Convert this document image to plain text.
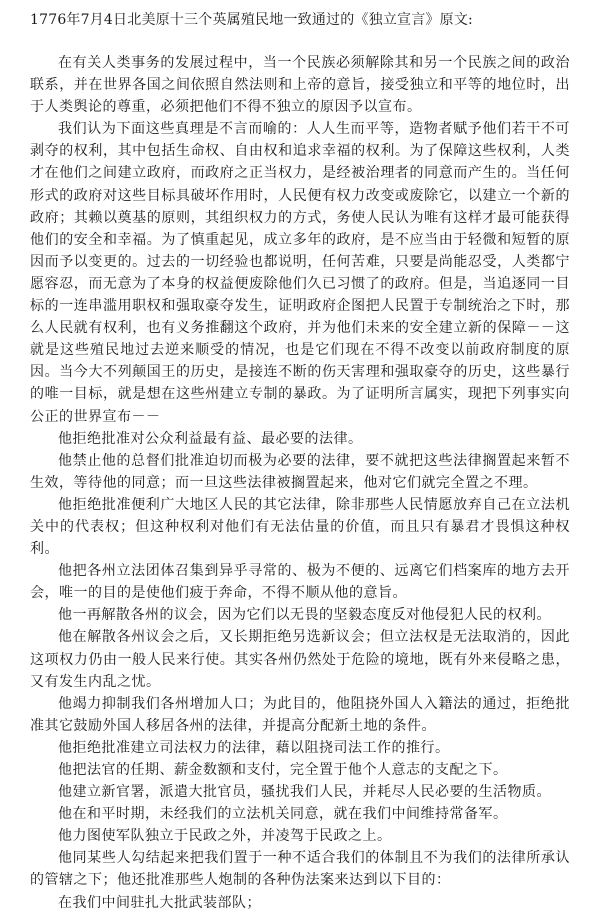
1776年7月4日北美原十三个英属殖民地一致通过的《独立宣言》原文:

在有关人类事务的发展过程中，当一个民族必须解除其和另一个民族之间的政治联系，并在世界各国之间依照自然法则和上帝的意旨，接受独立和平等的地位时，出于人类舆论的尊重，必须把他们不得不独立的原因予以宣布。

我们认为下面这些真理是不言而喻的：人人生而平等，造物者赋予他们若干不可剥夺的权利，其中包括生命权、自由权和追求幸福的权利。为了保障这些权利，人类才在他们之间建立政府，而政府之正当权力，是经被治理者的同意而产生的。当任何形式的政府对这些目标具破坏作用时，人民便有权力改变或废除它，以建立一个新的政府；其赖以奠基的原则，其组织权力的方式，务使人民认为唯有这样才最可能获得他们的安全和幸福。为了慎重起见，成立多年的政府，是不应当由于轻微和短暂的原因而予以变更的。过去的一切经验也都说明，任何苦难，只要是尚能忍受，人类都宁愿容忍，而无意为了本身的权益便废除他们久已习惯了的政府。但是，当追逐同一目标的一连串滥用职权和强取豪夺发生，证明政府企图把人民置于专制统治之下时，那么人民就有权利，也有义务推翻这个政府，并为他们未来的安全建立新的保障－－这就是这些殖民地过去逆来顺受的情况，也是它们现在不得不改变以前政府制度的原因。当今大不列颠国王的历史，是接连不断的伤天害理和强取豪夺的历史，这些暴行的唯一目标，就是想在这些州建立专制的暴政。为了证明所言属实，现把下列事实向公正的世界宣布－－

他拒绝批准对公众利益最有益、最必要的法律。

他禁止他的总督们批准迫切而极为必要的法律，要不就把这些法律搁置起来暂不生效，等待他的同意；而一旦这些法律被搁置起来，他对它们就完全置之不理。

他拒绝批准便利广大地区人民的其它法律，除非那些人民情愿放弃自己在立法机关中的代表权；但这种权利对他们有无法估量的价值，而且只有暴君才畏惧这种权利。

他把各州立法团体召集到异乎寻常的、极为不便的、远离它们档案库的地方去开会，唯一的目的是使他们疲于奔命，不得不顺从他的意旨。

他一再解散各州的议会，因为它们以无畏的坚毅态度反对他侵犯人民的权利。

他在解散各州议会之后，又长期拒绝另选新议会；但立法权是无法取消的，因此这项权力仍由一般人民来行使。其实各州仍然处于危险的境地，既有外来侵略之患，又有发生内乱之忧。

他竭力抑制我们各州增加人口；为此目的，他阻挠外国人入籍法的通过，拒绝批准其它鼓励外国人移居各州的法律，并提高分配新土地的条件。

他拒绝批准建立司法权力的法律，藉以阻挠司法工作的推行。

他把法官的任期、薪金数额和支付，完全置于他个人意志的支配之下。

他建立新官署，派遣大批官员，骚扰我们人民，并耗尽人民必要的生活物质。

他在和平时期，未经我们的立法机关同意，就在我们中间维持常备军。

他力图使军队独立于民政之外，并凌驾于民政之上。

他同某些人勾结起来把我们置于一种不适合我们的体制且不为我们的法律所承认的管辖之下；他还批准那些人炮制的各种伪法案来达到以下目的：

在我们中间驻扎大批武装部队；
